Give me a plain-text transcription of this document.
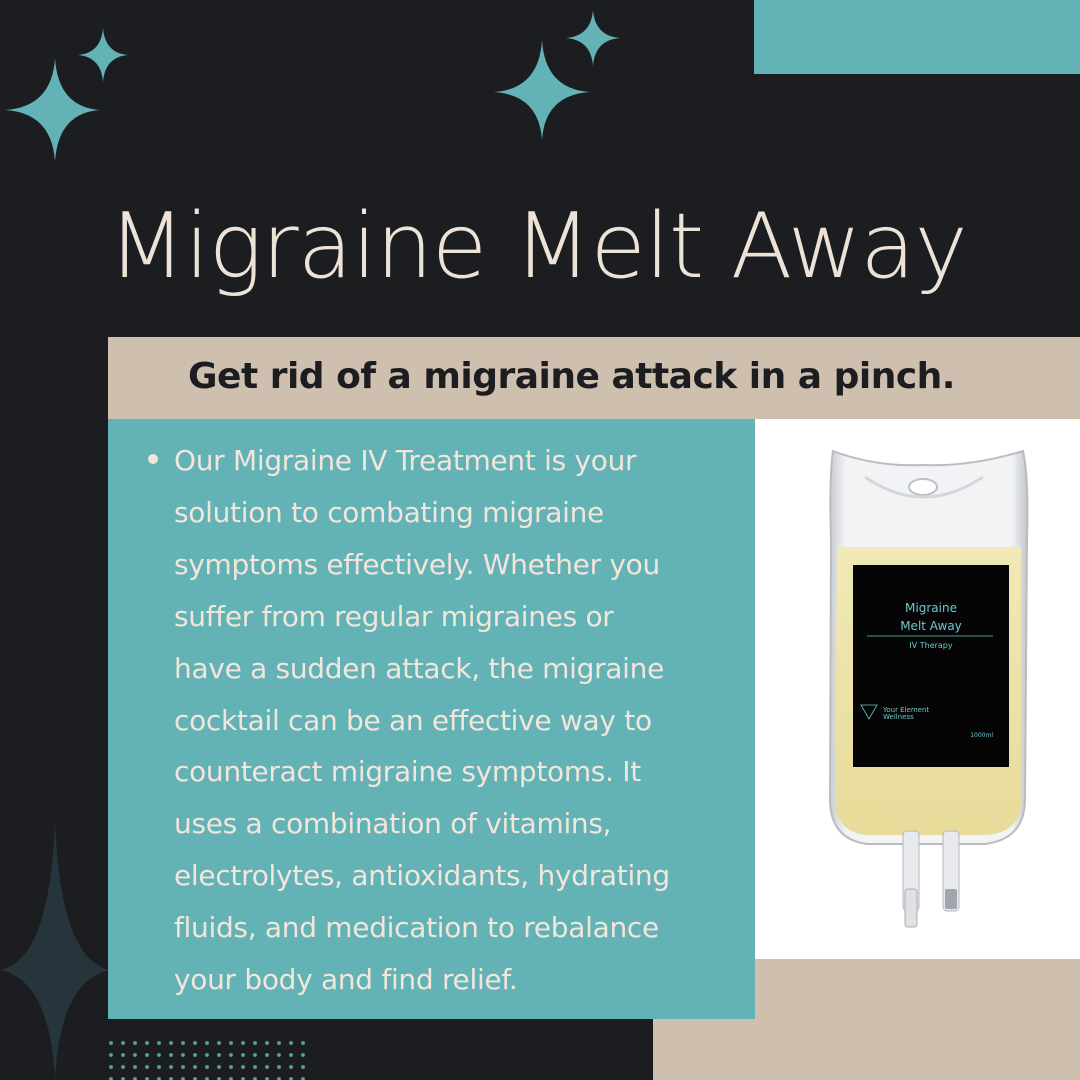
Migraine Melt Away
Get rid of a migraine attack in a pinch.

Our Migraine IV Treatment is your
solution to combating migraine
symptoms effectively. Whether you
suffer from regular migraines or
have a sudden attack, the migraine
cocktail can be an effective way to
counteract migraine symptoms. It
uses a combination of vitamins,
electrolytes, antioxidants, hydrating
fluids, and medication to rebalance
your body and find relief.

Migraine
Melt Away
IV Therapy
Your Element
Wellness
1000ml
